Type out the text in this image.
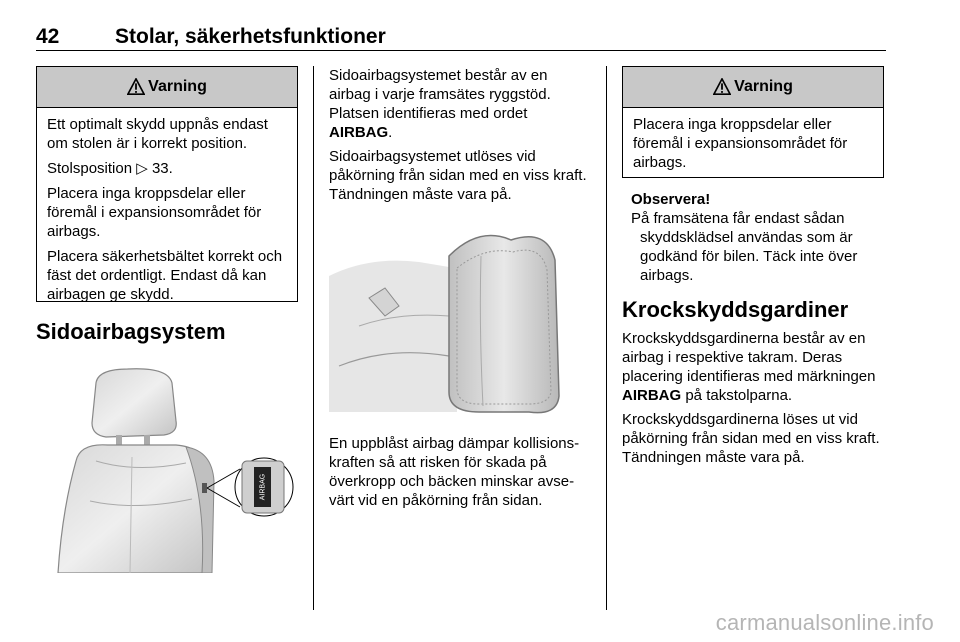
42	Stolar, säkerhetsfunktioner
Varning

Ett optimalt skydd uppnås endast om stolen är i korrekt position.

Stolsposition ▷ 33.

Placera inga kroppsdelar eller föremål i expansionsområdet för airbags.

Placera säkerhetsbältet korrekt och fäst det ordentligt. Endast då kan airbagen ge skydd.

Sidoairbagsystem
AIRBAG

Sidoairbagsystemet består av en airbag i varje framsätes ryggstöd. Platsen identifieras med ordet AIRBAG.

Sidoairbagsystemet utlöses vid påkörning från sidan med en viss kraft. Tändningen måste vara på.

En uppblåst airbag dämpar kollisionskraften så att risken för skada på överkropp och bäcken minskar avsevärt vid en påkörning från sidan.

Varning

Placera inga kroppsdelar eller föremål i expansionsområdet för airbags.

Observera!
På framsätena får endast sådan skyddsklädsel användas som är godkänd för bilen. Täck inte över airbags.
Krockskyddsgardiner

Krockskyddsgardinerna består av en airbag i respektive takram. Deras placering identifieras med märkningen AIRBAG på takstolparna.

Krockskyddsgardinerna löses ut vid påkörning från sidan med en viss kraft. Tändningen måste vara på.

carmanualsonline.info
